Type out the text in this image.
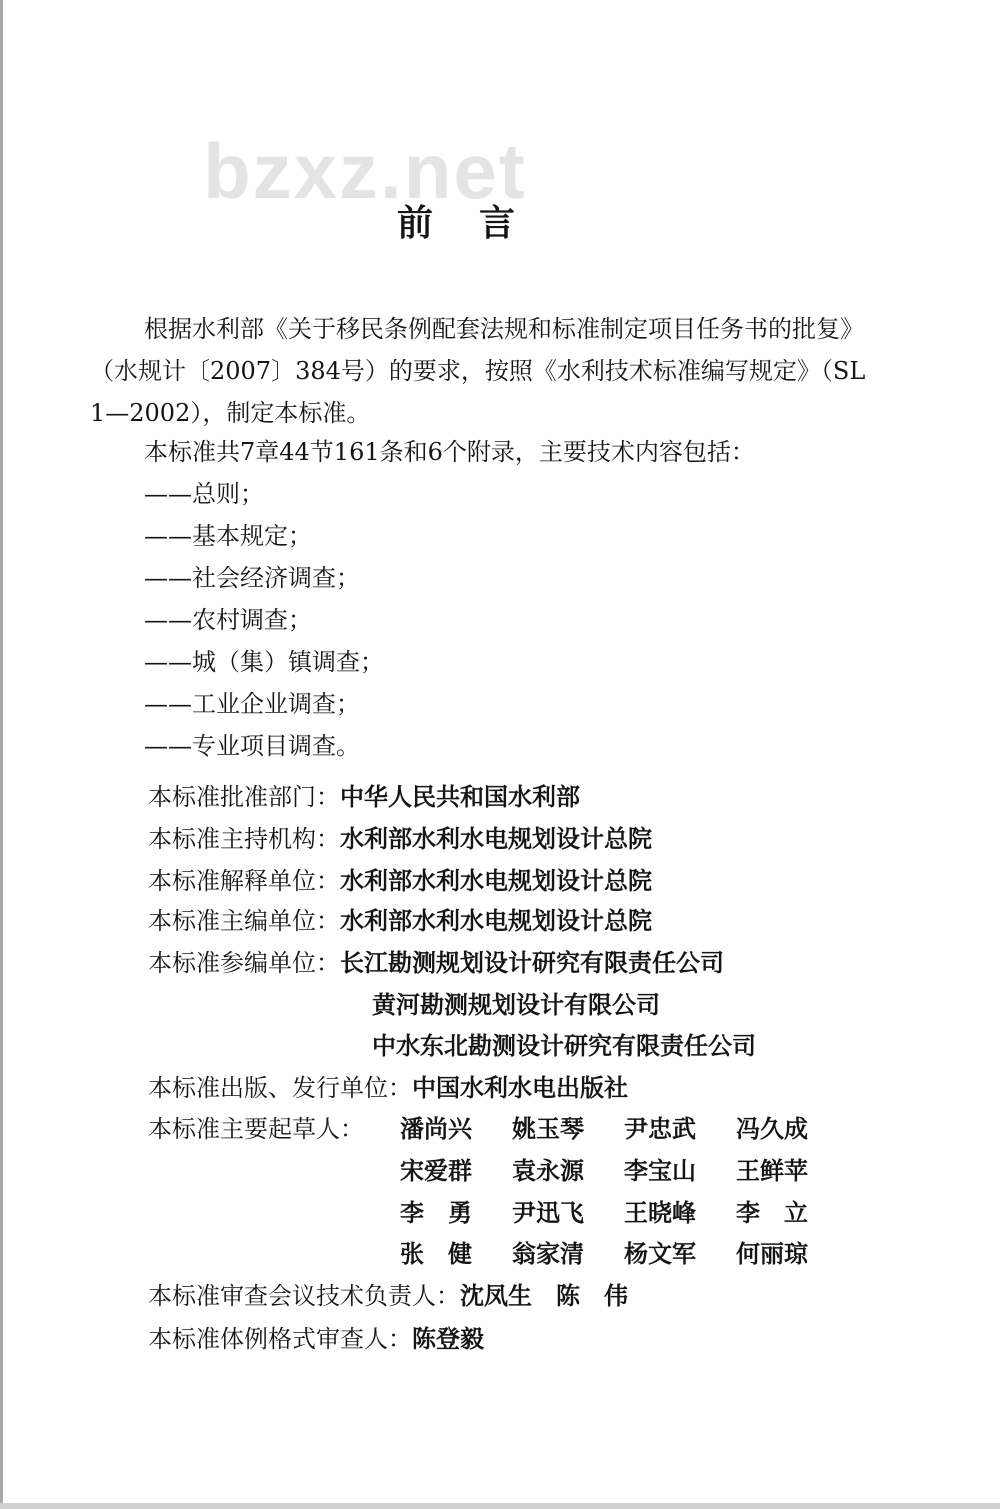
bzxz.net
前言

根据水利部《关于移民条例配套法规和标准制定项目任务书的批复》（水规计〔2007〕384号）的要求，按照《水利技术标准编写规定》（SL 1—2002），制定本标准。

本标准共7章44节161条和6个附录，主要技术内容包括：

——总则；
——基本规定；
——社会经济调查；
——农村调查；
——城（集）镇调查；
——工业企业调查；
——专业项目调查。
本标准批准部门：中华人民共和国水利部
本标准主持机构：水利部水利水电规划设计总院
本标准解释单位：水利部水利水电规划设计总院
本标准主编单位：水利部水利水电规划设计总院
本标准参编单位：长江勘测规划设计研究有限责任公司
黄河勘测规划设计有限公司
中水东北勘测设计研究有限责任公司
本标准出版、发行单位：中国水利水电出版社
本标准主要起草人： 潘尚兴 姚玉琴 尹忠武 冯久成
宋爱群 袁永源 李宝山 王鲜苹
李　勇 尹迅飞 王晓峰 李　立
张　健 翁家清 杨文军 何丽琼
本标准审查会议技术负责人：沈凤生　陈　伟
本标准体例格式审查人：陈登毅
